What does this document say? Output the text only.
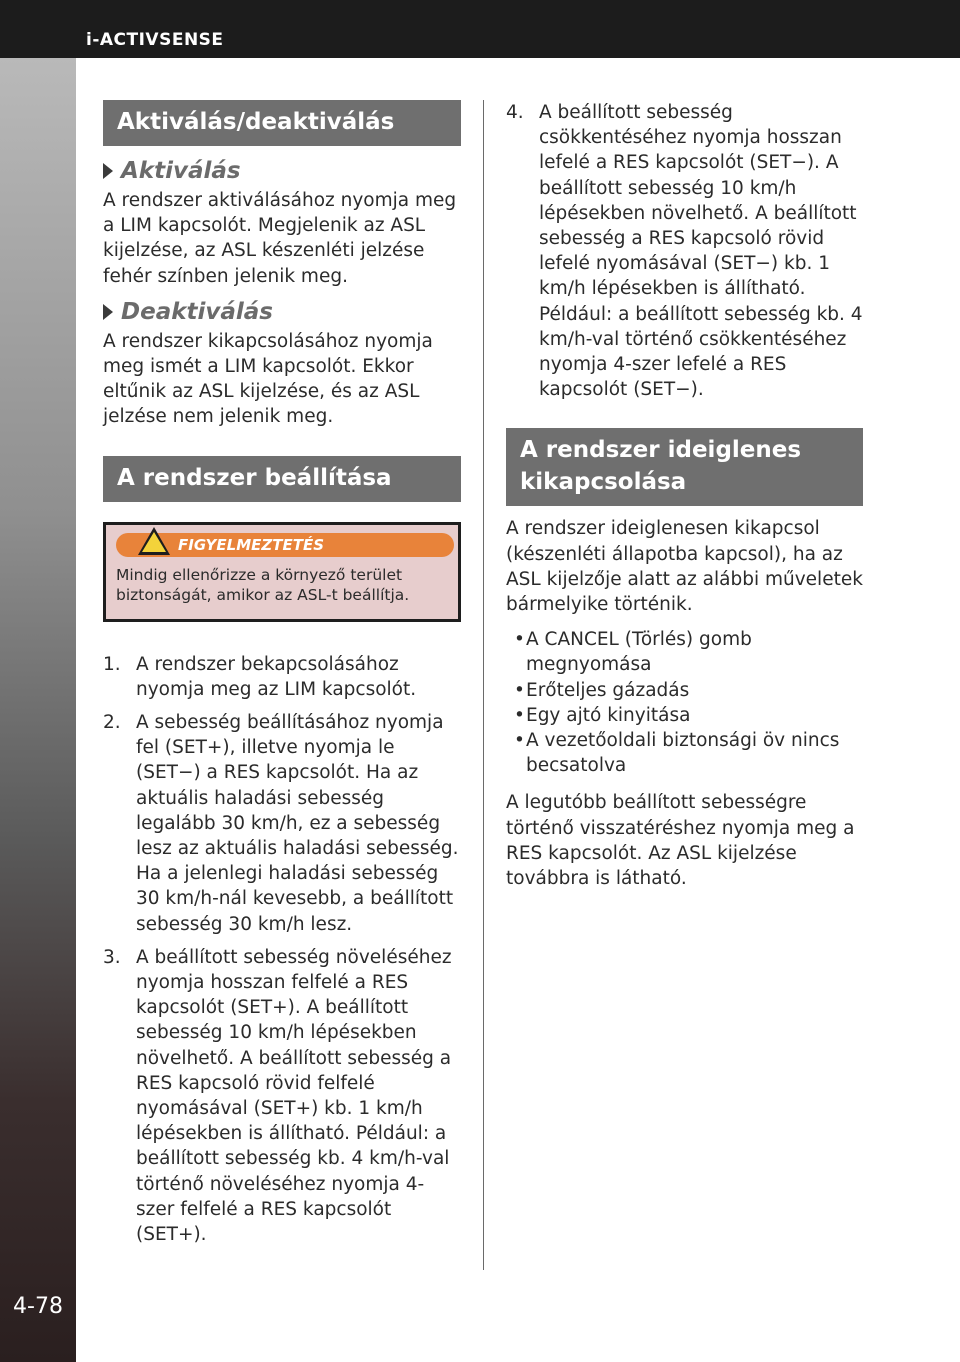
i-ACTIVSENSE
4-78
Aktiválás/deaktiválás
Aktiválás

A rendszer aktiválásához nyomja meg a LIM kapcsolót. Megjelenik az ASL kijelzése, az ASL készenléti jelzése fehér színben jelenik meg.

Deaktiválás

A rendszer kikapcsolásához nyomja meg ismét a LIM kapcsolót. Ekkor eltűnik az ASL kijelzése, és az ASL jelzése nem jelenik meg.

A rendszer beállítása
! FIGYELMEZTETÉS
Mindig ellenőrizze a környező terület biztonságát, amikor az ASL-t beállítja.
1. A rendszer bekapcsolásához nyomja meg az LIM kapcsolót.
2. A sebesség beállításához nyomja fel (SET+), illetve nyomja le (SET−) a RES kapcsolót. Ha az aktuális haladási sebesség legalább 30 km/h, ez a sebesség lesz az aktuális haladási sebesség. Ha a jelenlegi haladási sebesség 30 km/h-nál kevesebb, a beállított sebesség 30 km/h lesz.
3. A beállított sebesség növeléséhez nyomja hosszan felfelé a RES kapcsolót (SET+). A beállított sebesség 10 km/h lépésekben növelhető. A beállított sebesség a RES kapcsoló rövid felfelé nyomásával (SET+) kb. 1 km/h lépésekben is állítható. Például: a beállított sebesség kb. 4 km/h-val történő növeléséhez nyomja 4-szer felfelé a RES kapcsolót (SET+).
4. A beállított sebesség csökkentéséhez nyomja hosszan lefelé a RES kapcsolót (SET−). A beállított sebesség 10 km/h lépésekben növelhető. A beállított sebesség a RES kapcsoló rövid lefelé nyomásával (SET−) kb. 1 km/h lépésekben is állítható. Például: a beállított sebesség kb. 4 km/h-val történő csökkentéséhez nyomja 4-szer lefelé a RES kapcsolót (SET−).
A rendszer ideiglenes kikapcsolása

A rendszer ideiglenesen kikapcsol (készenléti állapotba kapcsol), ha az ASL kijelzője alatt az alábbi műveletek bármelyike történik.

• A CANCEL (Törlés) gomb megnyomása
• Erőteljes gázadás
• Egy ajtó kinyitása
• A vezetőoldali biztonsági öv nincs becsatolva

A legutóbb beállított sebességre történő visszatéréshez nyomja meg a RES kapcsolót. Az ASL kijelzése továbbra is látható.
